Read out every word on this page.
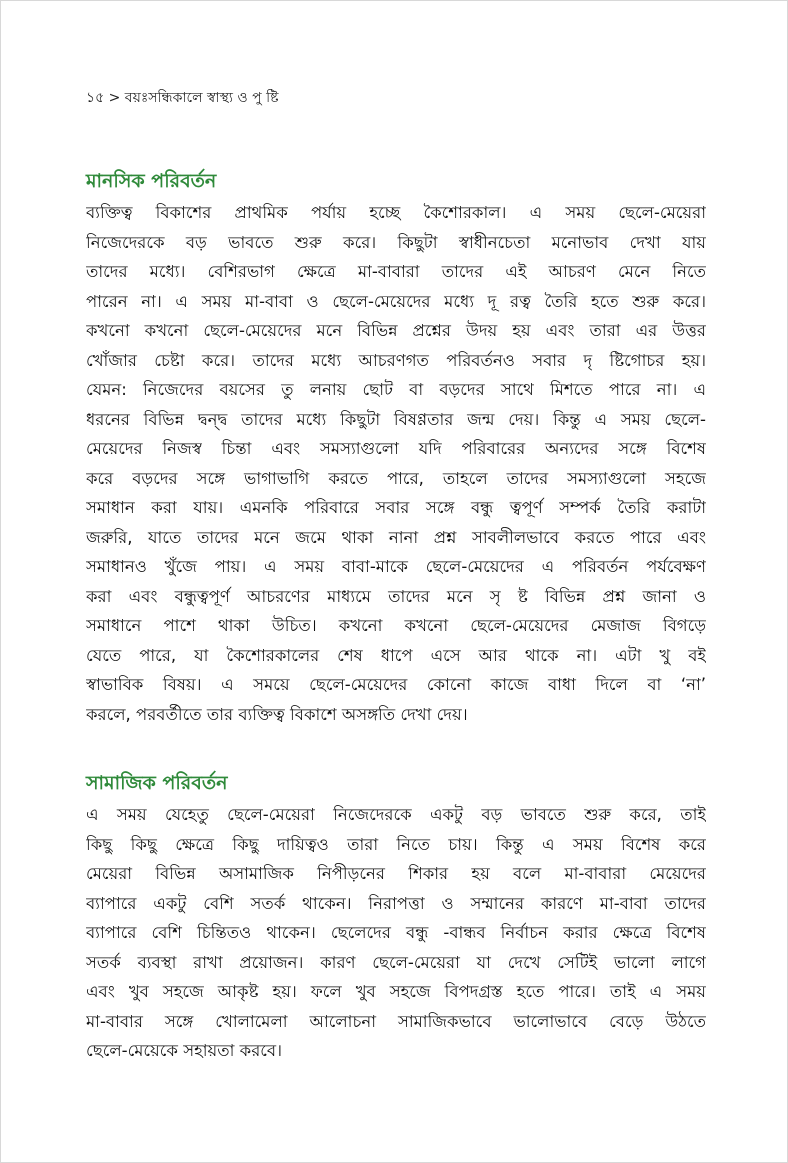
১৫ > বয়ঃসন্ধিকালে স্বাস্থ্য ও পু ষ্টি
মানসিক পরিবর্তন
ব্যক্তিত্ব বিকাশের প্রাথমিক পর্যায় হচ্ছে কৈশোরকাল। এ সময় ছেলে-মেয়েরা
নিজেদেরকে বড় ভাবতে শুরু করে। কিছুটা স্বাধীনচেতা মনোভাব দেখা যায়
তাদের মধ্যে। বেশিরভাগ ক্ষেত্রে মা-বাবারা তাদের এই আচরণ মেনে নিতে
পারেন না। এ সময় মা-বাবা ও ছেলে-মেয়েদের মধ্যে দূ রত্ব তৈরি হতে শুরু করে।
কখনো কখনো ছেলে-মেয়েদের মনে বিভিন্ন প্রশ্নের উদয় হয় এবং তারা এর উত্তর
খোঁজার চেষ্টা করে। তাদের মধ্যে আচরণগত পরিবর্তনও সবার দৃ ষ্টিগোচর হয়।
যেমন: নিজেদের বয়সের তু লনায় ছোট বা বড়দের সাথে মিশতে পারে না। এ
ধরনের বিভিন্ন দ্বন্দ্ব তাদের মধ্যে কিছুটা বিষণ্ণতার জন্ম দেয়। কিন্তু এ সময় ছেলে-
মেয়েদের নিজস্ব চিন্তা এবং সমস্যাগুলো যদি পরিবারের অন্যদের সঙ্গে বিশেষ
করে বড়দের সঙ্গে ভাগাভাগি করতে পারে, তাহলে তাদের সমস্যাগুলো সহজে
সমাধান করা যায়। এমনকি পরিবারে সবার সঙ্গে বন্ধু ত্বপূর্ণ সম্পর্ক তৈরি করাটা
জরুরি, যাতে তাদের মনে জমে থাকা নানা প্রশ্ন সাবলীলভাবে করতে পারে এবং
সমাধানও খুঁজে পায়। এ সময় বাবা-মাকে ছেলে-মেয়েদের এ পরিবর্তন পর্যবেক্ষণ
করা এবং বন্ধুত্বপূর্ণ আচরণের মাধ্যমে তাদের মনে সৃ ষ্ট বিভিন্ন প্রশ্ন জানা ও
সমাধানে পাশে থাকা উচিত। কখনো কখনো ছেলে-মেয়েদের মেজাজ বিগড়ে
যেতে পারে, যা কৈশোরকালের শেষ ধাপে এসে আর থাকে না। এটা খু বই
স্বাভাবিক বিষয়। এ সময়ে ছেলে-মেয়েদের কোনো কাজে বাধা দিলে বা ‘না’
করলে, পরবর্তীতে তার ব্যক্তিত্ব বিকাশে অসঙ্গতি দেখা দেয়।
সামাজিক পরিবর্তন
এ সময় যেহেতু ছেলে-মেয়েরা নিজেদেরকে একটু বড় ভাবতে শুরু করে, তাই
কিছু কিছু ক্ষেত্রে কিছু দায়িত্বও তারা নিতে চায়। কিন্তু এ সময় বিশেষ করে
মেয়েরা বিভিন্ন অসামাজিক নিপীড়নের শিকার হয় বলে মা-বাবারা মেয়েদের
ব্যাপারে একটু বেশি সতর্ক থাকেন। নিরাপত্তা ও সম্মানের কারণে মা-বাবা তাদের
ব্যাপারে বেশি চিন্তিতও থাকেন। ছেলেদের বন্ধু -বান্ধব নির্বাচন করার ক্ষেত্রে বিশেষ
সতর্ক ব্যবস্থা রাখা প্রয়োজন। কারণ ছেলে-মেয়েরা যা দেখে সেটিই ভালো লাগে
এবং খুব সহজে আকৃষ্ট হয়। ফলে খুব সহজে বিপদগ্রস্ত হতে পারে। তাই এ সময়
মা-বাবার সঙ্গে খোলামেলা আলোচনা সামাজিকভাবে ভালোভাবে বেড়ে উঠতে
ছেলে-মেয়েকে সহায়তা করবে।
